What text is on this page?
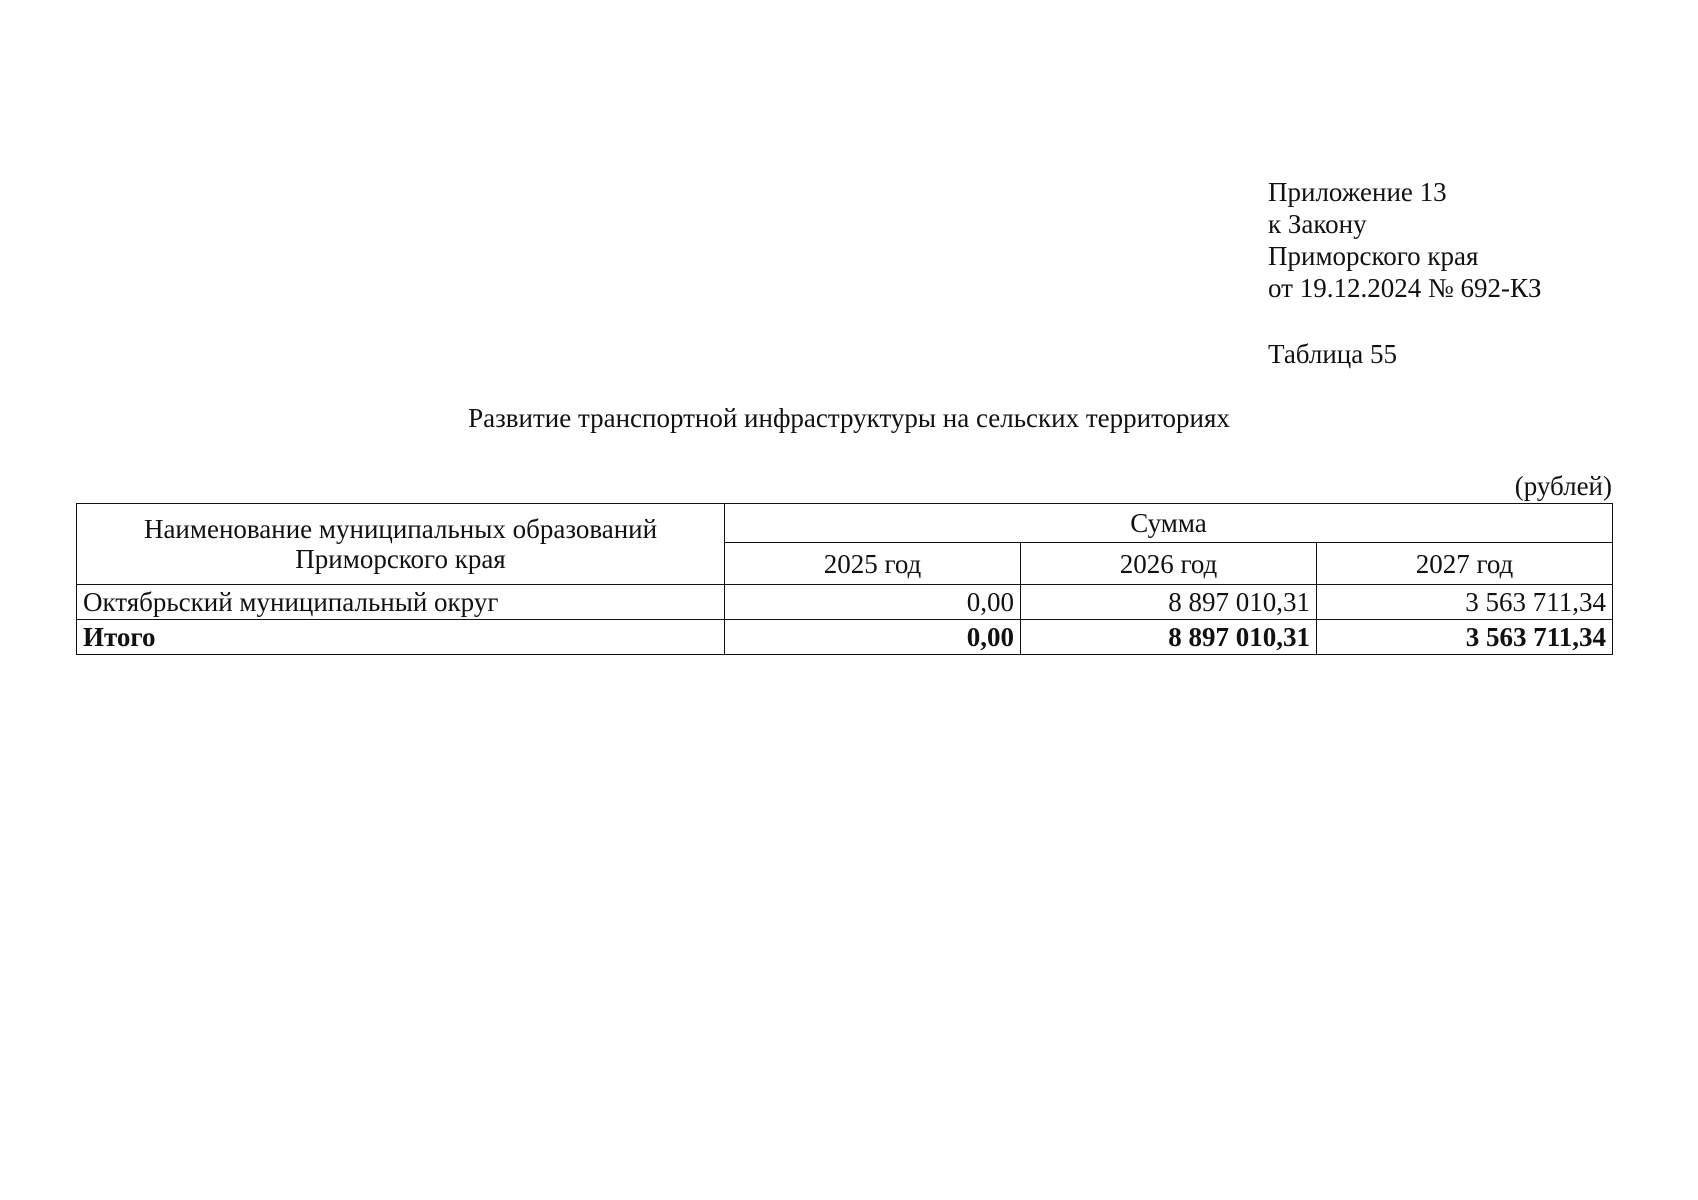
Приложение 13
к Закону
Приморского края
от 19.12.2024 № 692-КЗ
Таблица 55
Развитие транспортной инфраструктуры на сельских территориях
(рублей)
Наименование муниципальных образований Приморского края	Сумма		
	2025 год	2026 год	2027 год
Октябрьский муниципальный округ	0,00	8 897 010,31	3 563 711,34
Итого	0,00	8 897 010,31	3 563 711,34
